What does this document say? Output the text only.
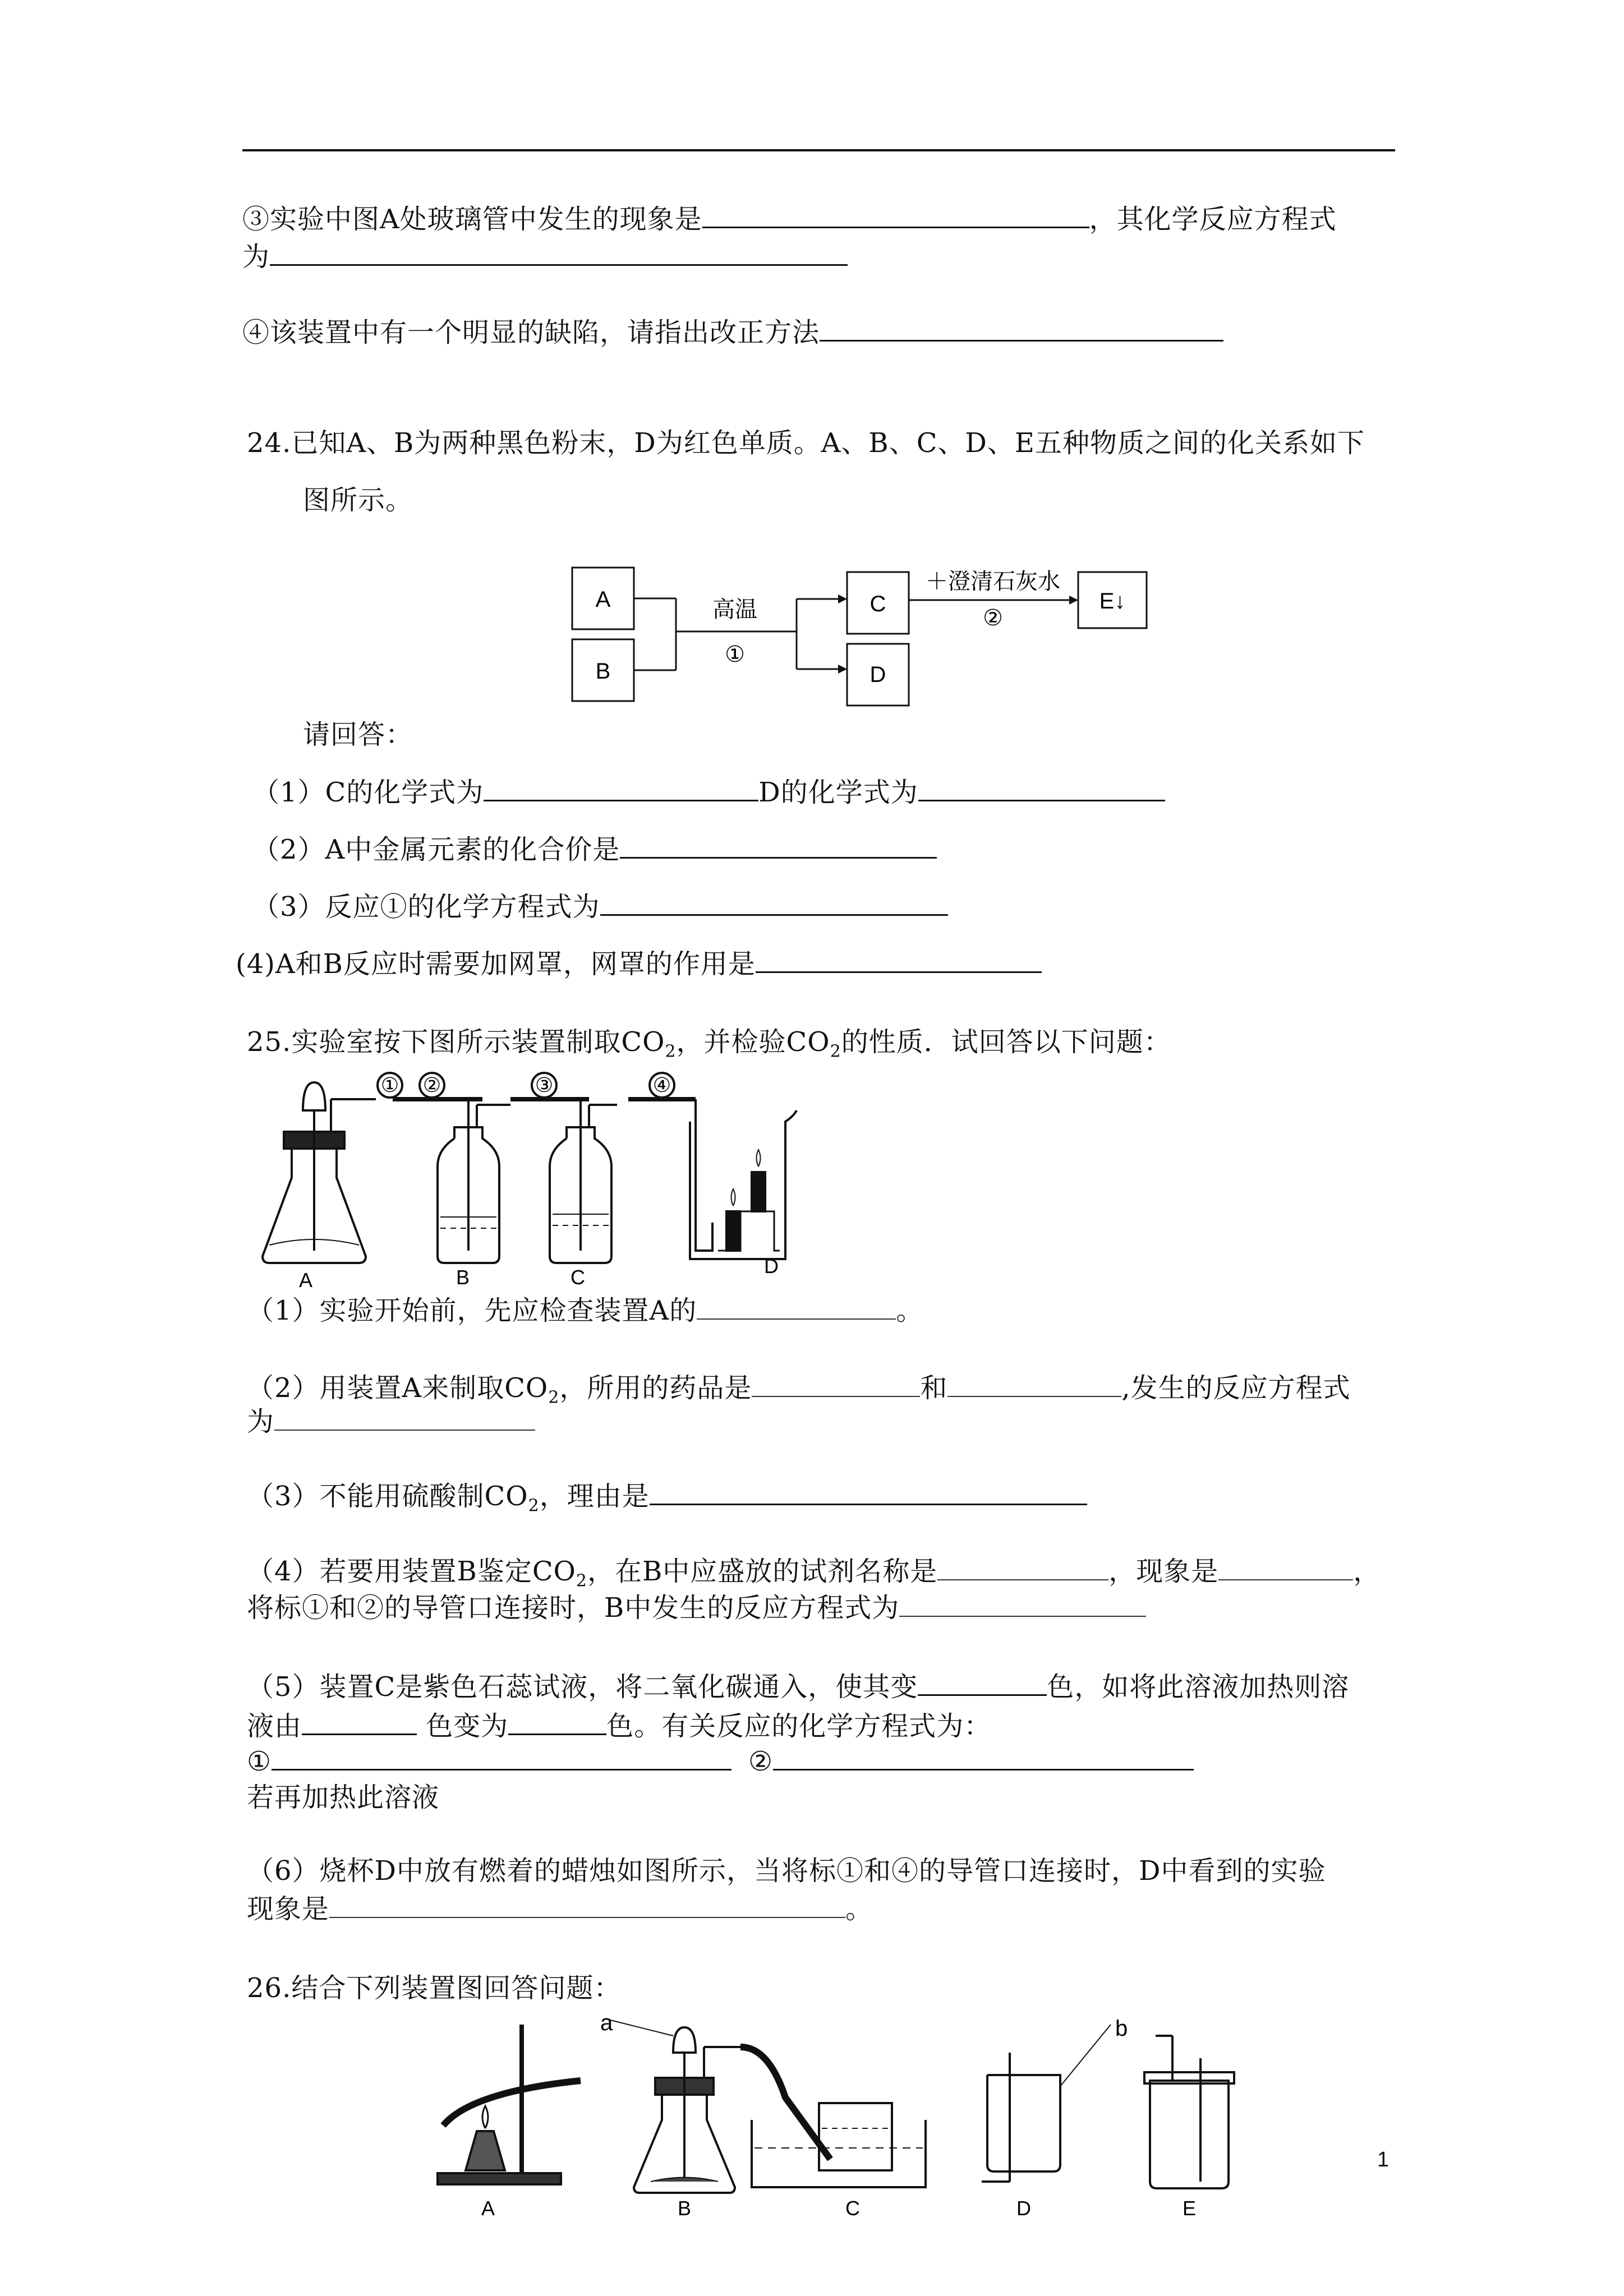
③实验中图A处玻璃管中发生的现象是	，其化学反应方程式
为
④该装置中有一个明显的缺陷，请指出改正方法
24.已知A、B为两种黑色粉末，D为红色单质。A、B、C、D、E五种物质之间的化关系如下
图所示。
A
B
C
D
E↓
高温
①
＋澄清石灰水
②
请回答：
（1）C的化学式为	D的化学式为
（2）A中金属元素的化合价是
（3）反应①的化学方程式为
(4)A和B反应时需要加网罩，网罩的作用是
25.实验室按下图所示装置制取$CO_2$，并检验$CO_2$的性质．试回答以下问题：
① ②	③	④
A	B	C	D
（1）实验开始前，先应检查装置A的	。
（2）用装置A来制取$CO_2$，所用的药品是	和	,发生的反应方程式
为
（3）不能用硫酸制$CO_2$，理由是
（4）若要用装置B鉴定$CO_2$，在B中应盛放的试剂名称是	，现象是	，
将标①和②的导管口连接时，B中发生的反应方程式为
（5）装置C是紫色石蕊试液，将二氧化碳通入，使其变	色，如将此溶液加热则溶
液由	色变为	色。有关反应的化学方程式为：
①	②
若再加热此溶液
（6）烧杯D中放有燃着的蜡烛如图所示，当将标①和④的导管口连接时，D中看到的实验
现象是	。
26.结合下列装置图回答问题：
a	b
A	B	C	D	E
1
